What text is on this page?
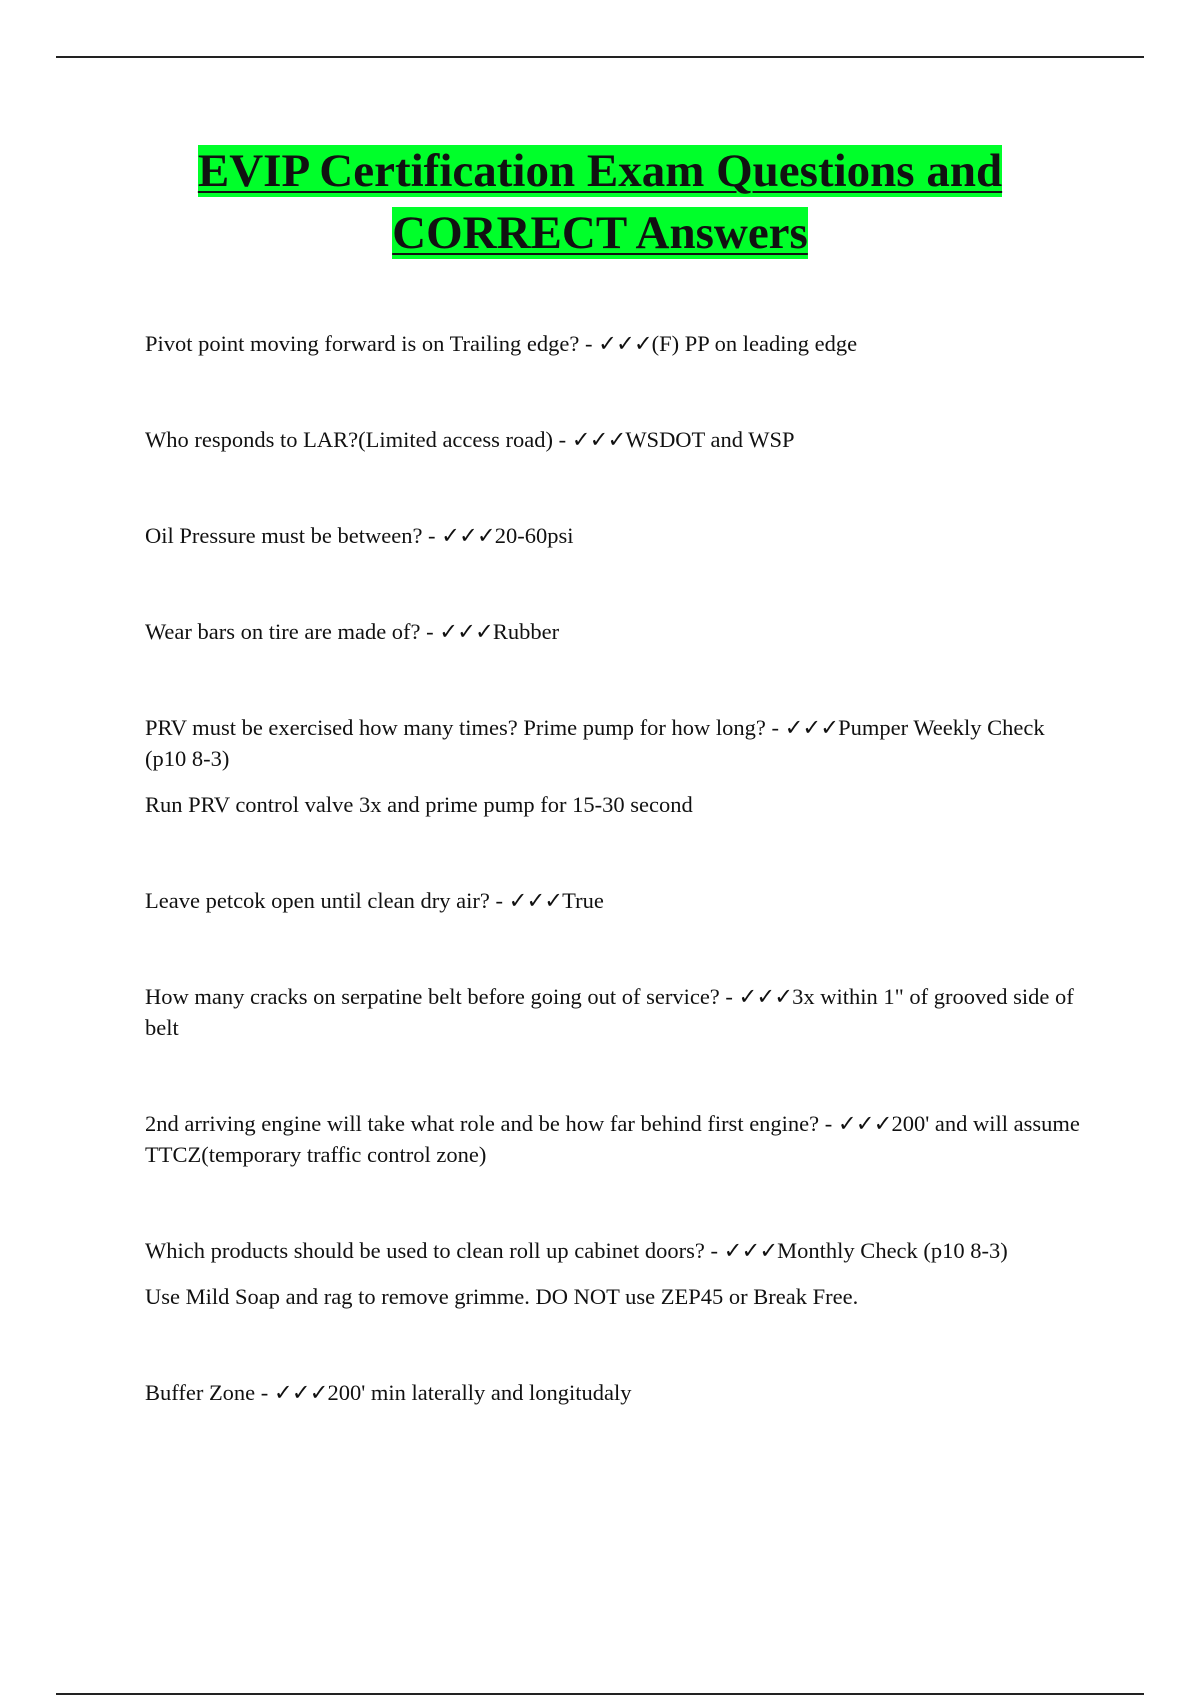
EVIP Certification Exam Questions and
CORRECT Answers
Pivot point moving forward is on Trailing edge? - ✓✓✓(F) PP on leading edge
Who responds to LAR?(Limited access road) - ✓✓✓WSDOT and WSP
Oil Pressure must be between? - ✓✓✓20-60psi
Wear bars on tire are made of? - ✓✓✓Rubber
PRV must be exercised how many times? Prime pump for how long? - ✓✓✓Pumper Weekly Check (p10 8-3)
Run PRV control valve 3x and prime pump for 15-30 second
Leave petcok open until clean dry air? - ✓✓✓True
How many cracks on serpatine belt before going out of service? - ✓✓✓3x within 1" of grooved side of belt
2nd arriving engine will take what role and be how far behind first engine? - ✓✓✓200' and will assume TTCZ(temporary traffic control zone)
Which products should be used to clean roll up cabinet doors? - ✓✓✓Monthly Check (p10 8-3)
Use Mild Soap and rag to remove grimme. DO NOT use ZEP45 or Break Free.
Buffer Zone - ✓✓✓200' min laterally and longitudaly
